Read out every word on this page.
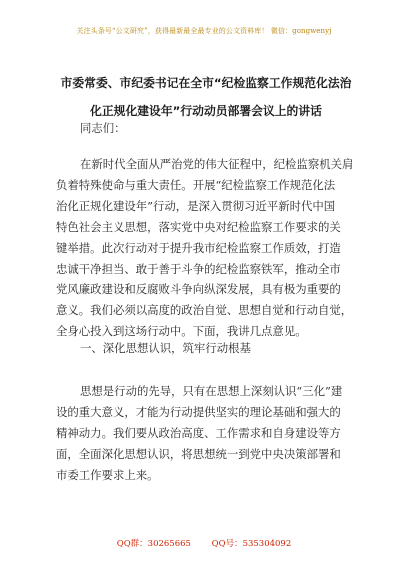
关注头条号“公文研究”，获得最新最全最专业的公文资料库！ 微信：gongwenyj
市委常委、市纪委书记在全市“纪检监察工作规范化法治
化正规化建设年”行动动员部署会议上的讲话
同志们：
在新时代全面从严治党的伟大征程中，纪检监察机关肩
负着特殊使命与重大责任。开展“纪检监察工作规范化法
治化正规化建设年”行动，是深入贯彻习近平新时代中国
特色社会主义思想，落实党中央对纪检监察工作要求的关
键举措。此次行动对于提升我市纪检监察工作质效，打造
忠诚干净担当、敢于善于斗争的纪检监察铁军，推动全市
党风廉政建设和反腐败斗争向纵深发展，具有极为重要的
意义。我们必须以高度的政治自觉、思想自觉和行动自觉，
全身心投入到这场行动中。下面，我讲几点意见。
一、深化思想认识，筑牢行动根基
思想是行动的先导，只有在思想上深刻认识“三化”建
设的重大意义，才能为行动提供坚实的理论基础和强大的
精神动力。我们要从政治高度、工作需求和自身建设等方
面，全面深化思想认识，将思想统一到党中央决策部署和
市委工作要求上来。
QQ群：30265665 QQ号：535304092
